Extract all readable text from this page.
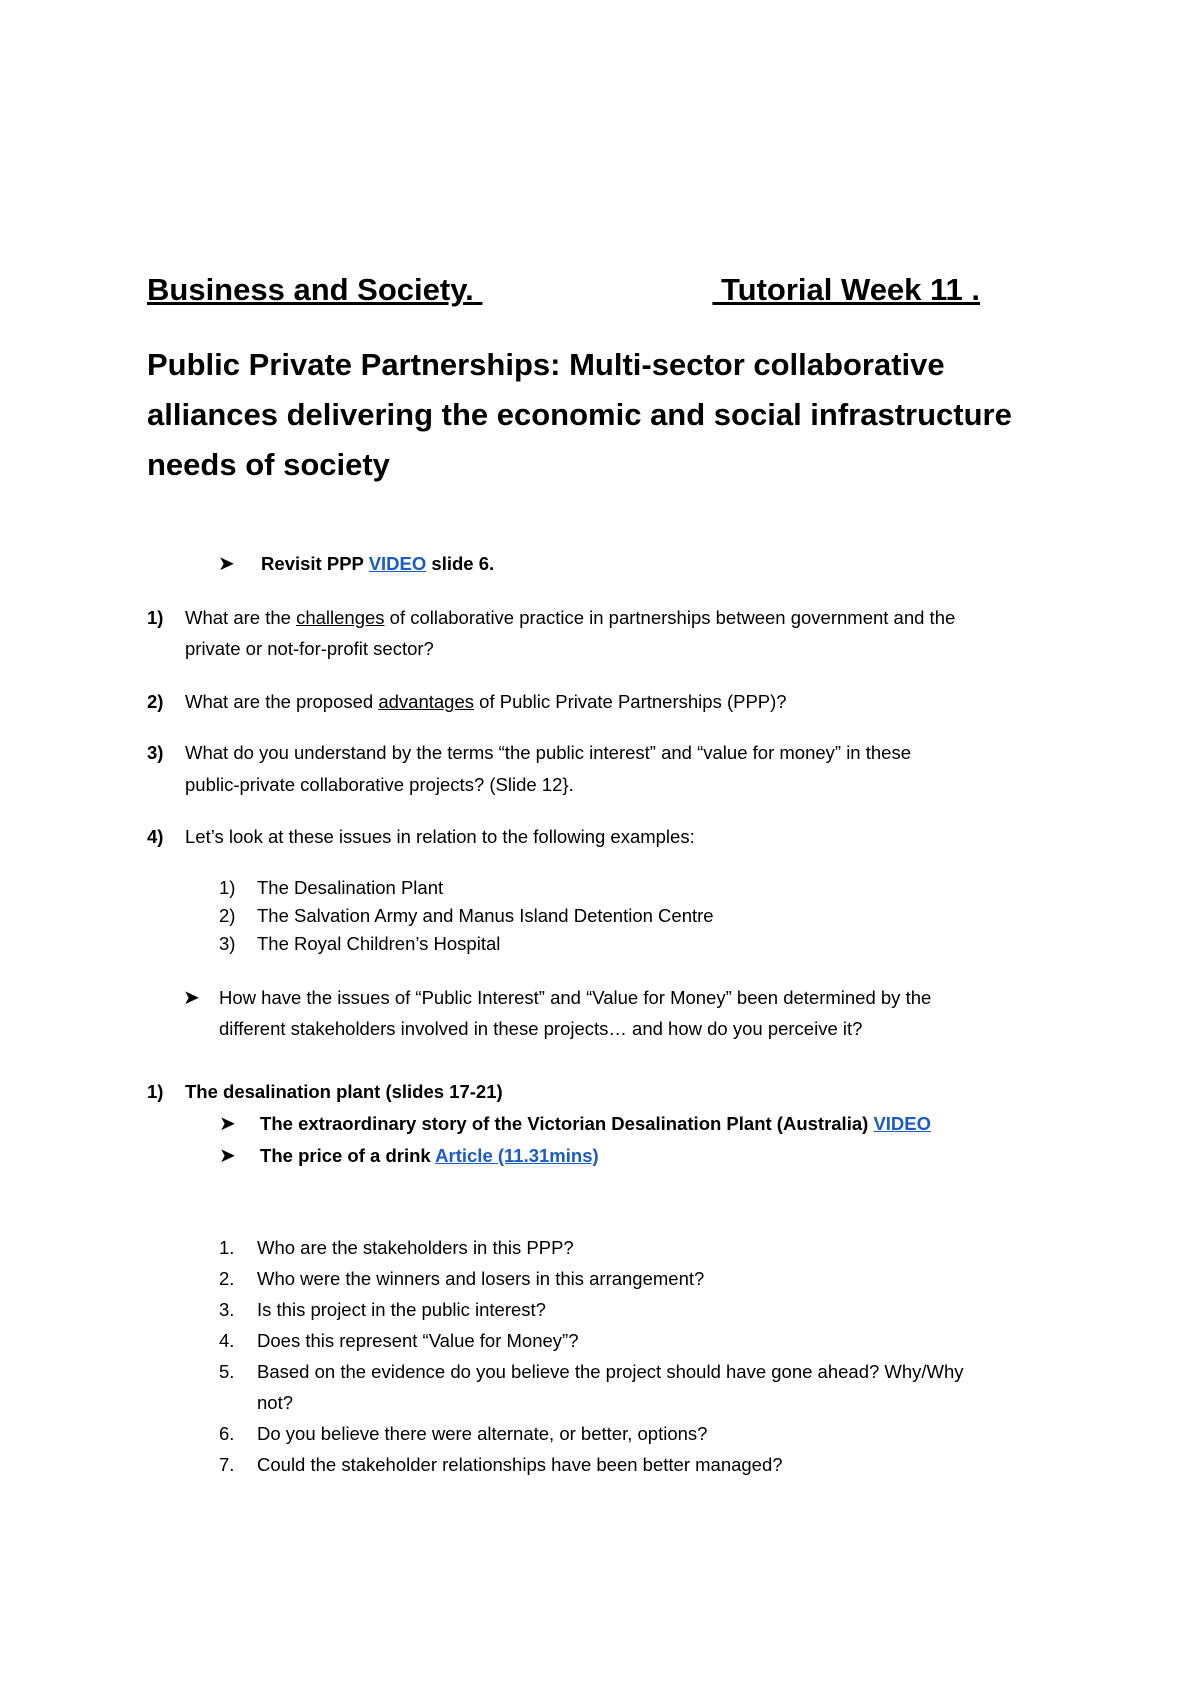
Business and Society.	Tutorial Week 11 .
Public Private Partnerships: Multi-sector collaborative
alliances delivering the economic and social infrastructure
needs of society
➤ Revisit PPP VIDEO slide 6.
1) What are the challenges of collaborative practice in partnerships between government and the
private or not-for-profit sector?
2) What are the proposed advantages of Public Private Partnerships (PPP)?
3) What do you understand by the terms “the public interest” and “value for money” in these
public-private collaborative projects? (Slide 12}.
4) Let’s look at these issues in relation to the following examples:
1) The Desalination Plant
2) The Salvation Army and Manus Island Detention Centre
3) The Royal Children’s Hospital
➤ How have the issues of “Public Interest” and “Value for Money” been determined by the
different stakeholders involved in these projects… and how do you perceive it?
1) The desalination plant (slides 17-21)
➤ The extraordinary story of the Victorian Desalination Plant (Australia) VIDEO
➤ The price of a drink Article (11.31mins)
1. Who are the stakeholders in this PPP?
2. Who were the winners and losers in this arrangement?
3. Is this project in the public interest?
4. Does this represent “Value for Money”?
5. Based on the evidence do you believe the project should have gone ahead? Why/Why
not?
6. Do you believe there were alternate, or better, options?
7. Could the stakeholder relationships have been better managed?
